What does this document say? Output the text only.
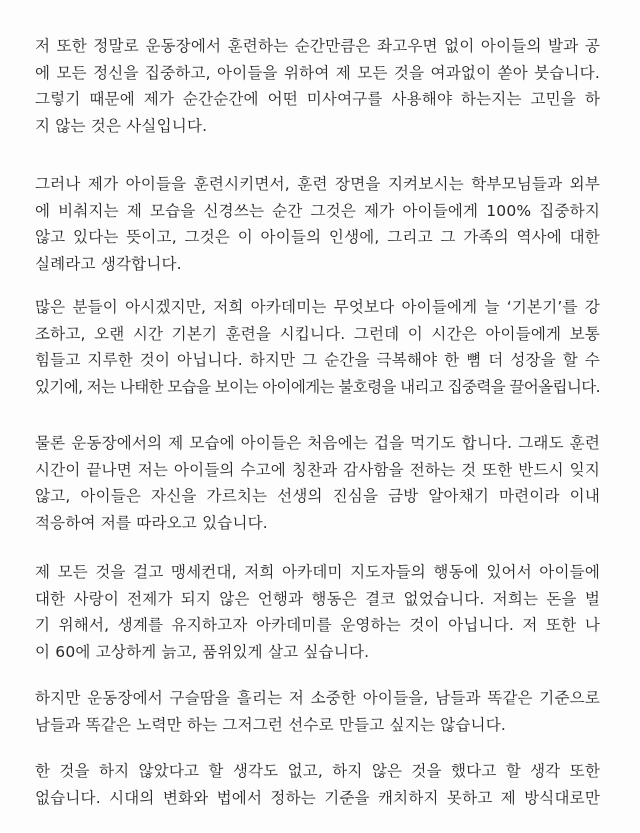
저 또한 정말로 운동장에서 훈련하는 순간만큼은 좌고우면 없이 아이들의 발과 공
에 모든 정신을 집중하고, 아이들을 위하여 제 모든 것을 여과없이 쏟아 붓습니다.
그렇기 때문에 제가 순간순간에 어떤 미사여구를 사용해야 하는지는 고민을 하
지 않는 것은 사실입니다.
그러나 제가 아이들을 훈련시키면서, 훈련 장면을 지켜보시는 학부모님들과 외부
에 비춰지는 제 모습을 신경쓰는 순간 그것은 제가 아이들에게 100% 집중하지
않고 있다는 뜻이고, 그것은 이 아이들의 인생에, 그리고 그 가족의 역사에 대한
실례라고 생각합니다.
많은 분들이 아시겠지만, 저희 아카데미는 무엇보다 아이들에게 늘 ‘기본기’를 강
조하고, 오랜 시간 기본기 훈련을 시킵니다. 그런데 이 시간은 아이들에게 보통
힘들고 지루한 것이 아닙니다. 하지만 그 순간을 극복해야 한 뼘 더 성장을 할 수
있기에, 저는 나태한 모습을 보이는 아이에게는 불호령을 내리고 집중력을 끌어올립니다.
물론 운동장에서의 제 모습에 아이들은 처음에는 겁을 먹기도 합니다. 그래도 훈련
시간이 끝나면 저는 아이들의 수고에 칭찬과 감사함을 전하는 것 또한 반드시 잊지
않고, 아이들은 자신을 가르치는 선생의 진심을 금방 알아채기 마련이라 이내
적응하여 저를 따라오고 있습니다.
제 모든 것을 걸고 맹세컨대, 저희 아카데미 지도자들의 행동에 있어서 아이들에
대한 사랑이 전제가 되지 않은 언행과 행동은 결코 없었습니다. 저희는 돈을 벌
기 위해서, 생계를 유지하고자 아카데미를 운영하는 것이 아닙니다. 저 또한 나
이 60에 고상하게 늙고, 품위있게 살고 싶습니다.
하지만 운동장에서 구슬땀을 흘리는 저 소중한 아이들을, 남들과 똑같은 기준으로
남들과 똑같은 노력만 하는 그저그런 선수로 만들고 싶지는 않습니다.
한 것을 하지 않았다고 할 생각도 없고, 하지 않은 것을 했다고 할 생각 또한
없습니다. 시대의 변화와 법에서 정하는 기준을 캐치하지 못하고 제 방식대로만
